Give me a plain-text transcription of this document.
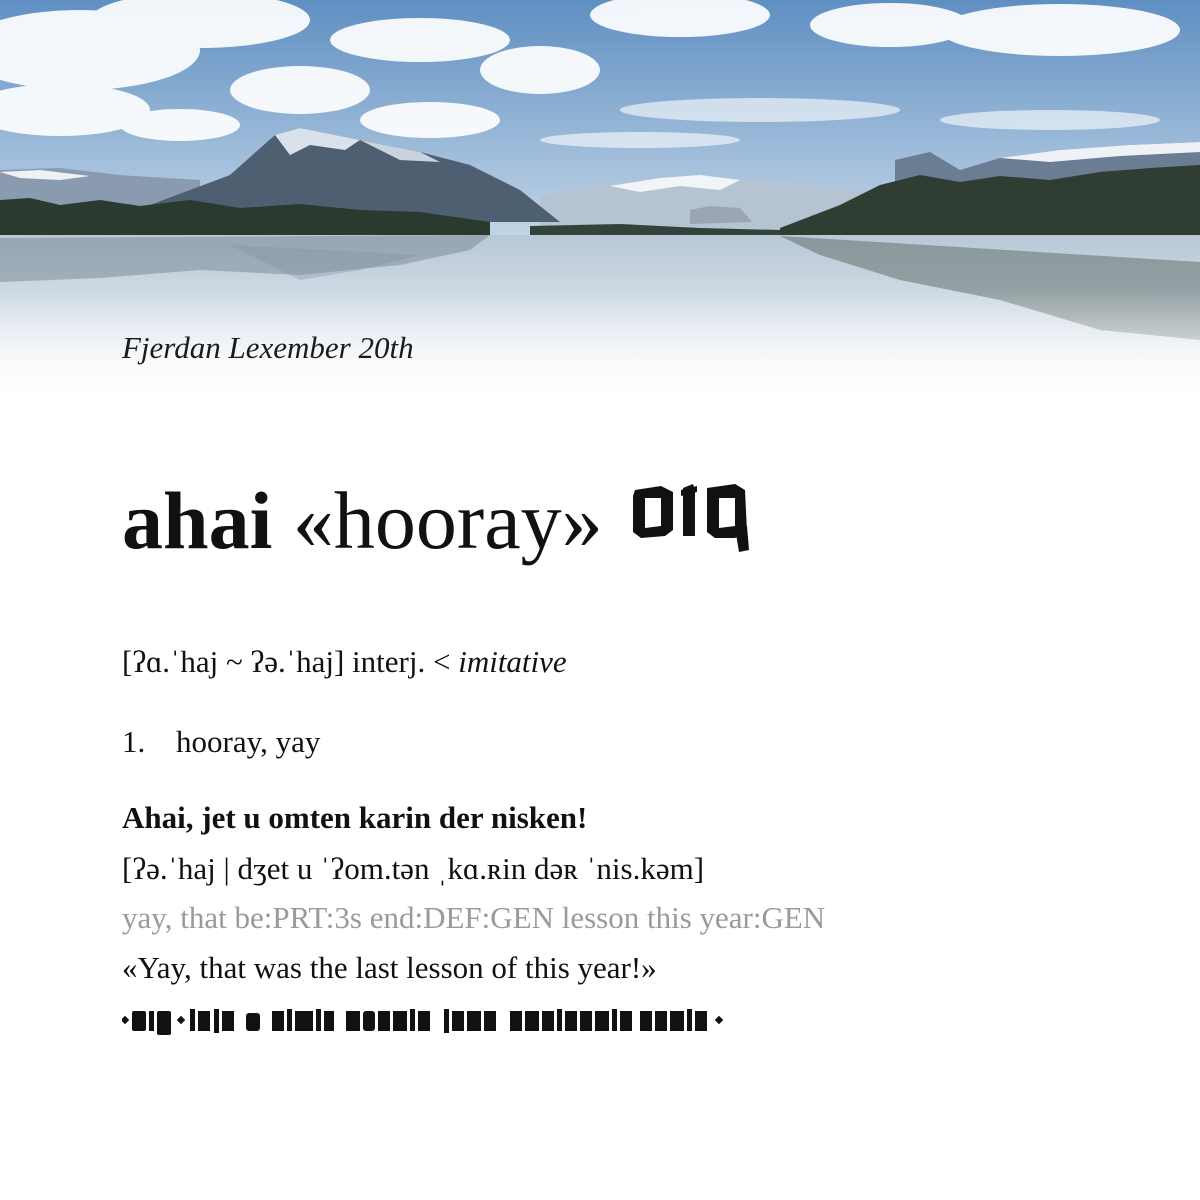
Fjerdan Lexember 20th
ahai «hooray»
[ʔɑ.ˈhaj ~ ʔə.ˈhaj] interj. < imitative
1. hooray, yay
Ahai, jet u omten karin der nisken!
[ʔə.ˈhaj | dʒet u ˈʔom.tən ˌkɑ.ʀin dəʀ ˈnis.kəm]
yay, that be:PRT:3s end:DEF:GEN lesson this year:GEN
«Yay, that was the last lesson of this year!»
